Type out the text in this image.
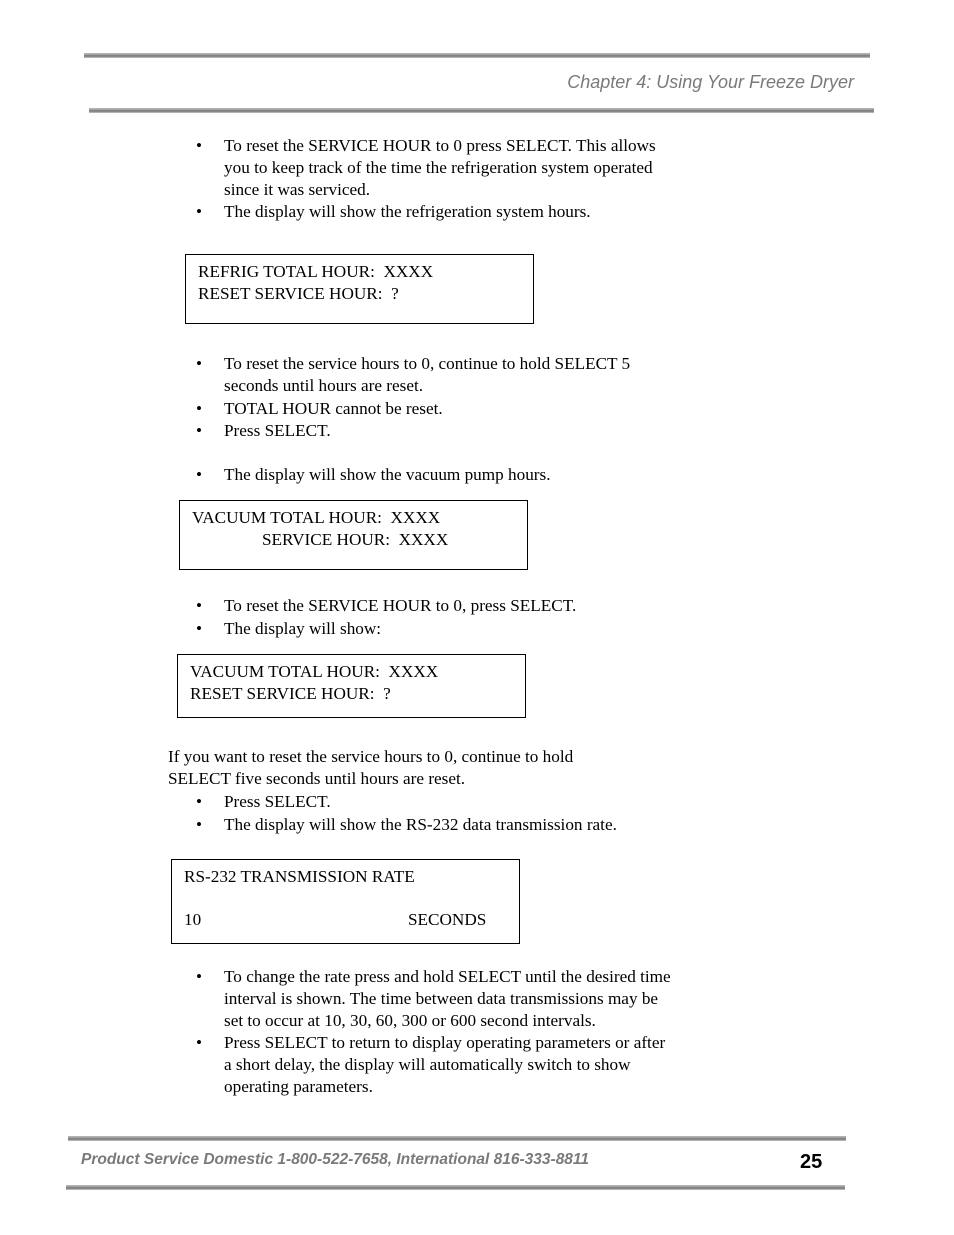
Chapter 4: Using Your Freeze Dryer
• To reset the SERVICE HOUR to 0 press SELECT. This allows you to keep track of the time the refrigeration system operated since it was serviced.
• The display will show the refrigeration system hours.
REFRIG TOTAL HOUR:  XXXX
RESET SERVICE HOUR:  ?
• To reset the service hours to 0, continue to hold SELECT 5 seconds until hours are reset.
• TOTAL HOUR cannot be reset.
• Press SELECT.
• The display will show the vacuum pump hours.
VACUUM TOTAL HOUR:  XXXX
SERVICE HOUR:  XXXX
• To reset the SERVICE HOUR to 0, press SELECT.
• The display will show:
VACUUM TOTAL HOUR:  XXXX
RESET SERVICE HOUR:  ?

If you want to reset the service hours to 0, continue to hold SELECT five seconds until hours are reset.

• Press SELECT.
• The display will show the RS-232 data transmission rate.
RS-232 TRANSMISSION RATE
10	SECONDS
• To change the rate press and hold SELECT until the desired time interval is shown. The time between data transmissions may be set to occur at 10, 30, 60, 300 or 600 second intervals.
• Press SELECT to return to display operating parameters or after a short delay, the display will automatically switch to show operating parameters.
Product Service Domestic 1-800-522-7658, International 816-333-8811	25
